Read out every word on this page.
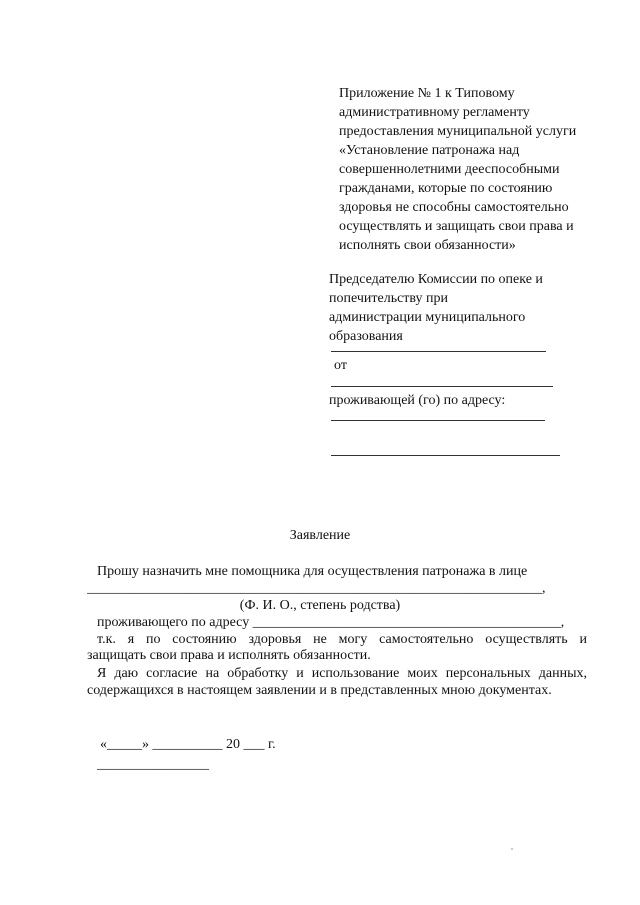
Приложение № 1 к Типовому
административному регламенту
предоставления муниципальной услуги
«Установление патронажа над
совершеннолетними дееспособными
гражданами, которые по состоянию
здоровья не способны самостоятельно
осуществлять и защищать свои права и
исполнять свои обязанности»
Председателю Комиссии по опеке и
попечительству при
администрации муниципального
образования
от
проживающей (го) по адресу:
Заявление
Прошу назначить мне помощника для осуществления патронажа в лице
_________________________________________________________________,
(Ф. И. О., степень родства)
проживающего по адресу ____________________________________________,
т.к. я по состоянию здоровья не могу самостоятельно осуществлять и
защищать свои права и исполнять обязанности.
Я даю согласие на обработку и использование моих персональных данных,
содержащихся в настоящем заявлении и в представленных мною документах.
«_____» __________ 20 ___ г.
________________
